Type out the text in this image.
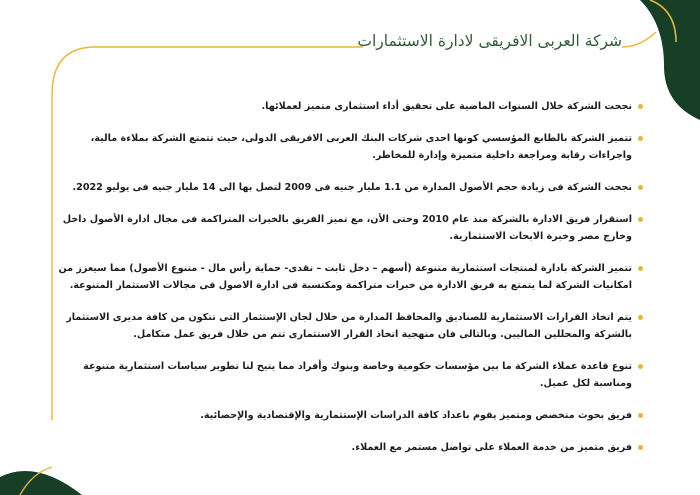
شركة العربى الافريقى لادارة الاستثمارات
نجحت الشركة خلال السنوات الماضية على تحقيق أداء استثمارى متميز لعملائها.
تتميز الشركة بالطابع المؤسسي كونها احدى شركات البنك العربى الافريقى الدولى، حيث تتمتع الشركة بملاءة مالية، واجراءات رقابة ومراجعة داخلية متميزة وإدارة للمخاطر.
نجحت الشركة فى زيادة حجم الأصول المدارة من 1.1 مليار جنيه فى 2009 لتصل بها الى 14 مليار جنيه فى يوليو 2022.
استقرار فريق الادارة بالشركة منذ عام 2010 وحتى الأن، مع تميز الفريق بالخبرات المتراكمة فى مجال ادارة الأصول داخل وخارج مصر وخبرة الابحاث الاستثمارية.
تتميز الشركة بادارة لمنتجات استثمارية متنوعة (أسهم – دخل ثابت – نقدى- حماية رأس مال - متنوع الأصول) مما سيعزز من امكانيات الشركة لما يتمتع به فريق الادارة من خبرات متراكمة ومكتسبة فى ادارة الاصول فى مجالات الاستثمار المتنوعة.
يتم اتخاذ القرارات الاستثمارية للصناديق والمحافظ المدارة من خلال لجان الإستثمار التى تتكون من كافة مديرى الاستثمار بالشركة والمحللين الماليين. وبالتالى فان منهجية اتخاذ القرار الاستثمارى تتم من خلال فريق عمل متكامل.
تنوع قاعدة عملاء الشركة ما بين مؤسسات حكومية وخاصة وبنوك وأفراد مما يتيح لنا تطوير سياسات استثمارية متنوعة ومناسبة لكل عميل.
فريق بحوث متخصص ومتميز يقوم باعداد كافة الدراسات الإستثمارية والإقتصادية والإحصائية.
فريق متميز من خدمة العملاء على تواصل مستمر مع العملاء.
